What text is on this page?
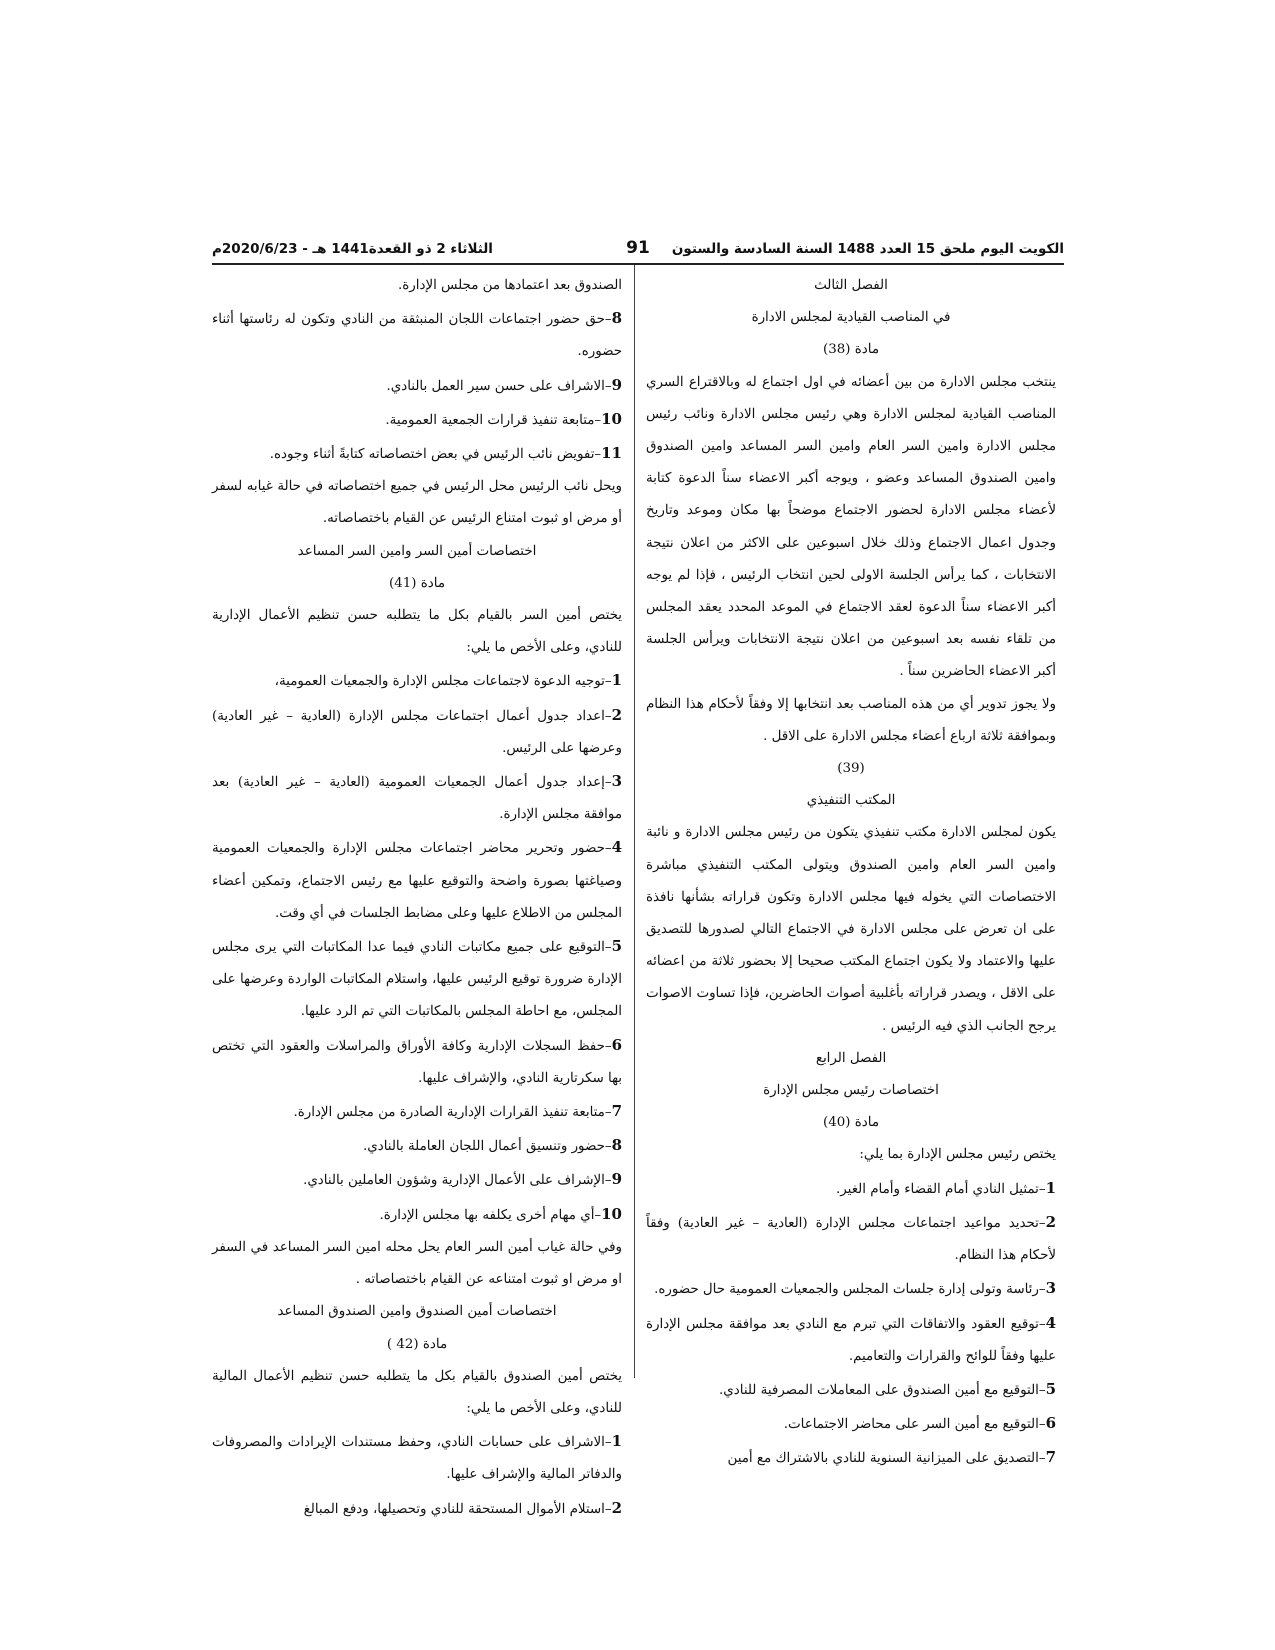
الكويت اليوم ملحق 15 العدد 1488 السنة السادسة والستون
91
الثلاثاء 2 ذو القعدة1441 هـ - 2020/6/23م

الفصل الثالث

في المناصب القيادية لمجلس الادارة

مادة (38)

ينتخب مجلس الادارة من بين أعضائه في اول اجتماع له وبالاقتراع السري المناصب القيادية لمجلس الادارة وهي رئيس مجلس الادارة ونائب رئيس مجلس الادارة وامين السر العام وامين السر المساعد وامين الصندوق وامين الصندوق المساعد وعضو ، ويوجه أكبر الاعضاء سناً الدعوة كتابة لأعضاء مجلس الادارة لحضور الاجتماع موضحاً بها مكان وموعد وتاريخ وجدول اعمال الاجتماع وذلك خلال اسبوعين على الاكثر من اعلان نتيجة الانتخابات ، كما يرأس الجلسة الاولى لحين انتخاب الرئيس ، فإذا لم يوجه أكبر الاعضاء سناً الدعوة لعقد الاجتماع في الموعد المحدد يعقد المجلس من تلقاء نفسه بعد اسبوعين من اعلان نتيجة الانتخابات ويرأس الجلسة أكبر الاعضاء الحاضرين سناً .

ولا يجوز تدوير أي من هذه المناصب بعد انتخابها إلا وفقاً لأحكام هذا النظام وبموافقة ثلاثة ارباع أعضاء مجلس الادارة على الاقل .

(39)

المكتب التنفيذي

يكون لمجلس الادارة مكتب تنفيذي يتكون من رئيس مجلس الادارة و نائبة وامين السر العام وامين الصندوق ويتولى المكتب التنفيذي مباشرة الاختصاصات التي يخوله فيها مجلس الادارة وتكون قراراته بشأنها نافذة على ان تعرض على مجلس الادارة في الاجتماع التالي لصدورها للتصديق عليها والاعتماد ولا يكون اجتماع المكتب صحيحا إلا بحضور ثلاثة من اعضائه على الاقل ، ويصدر قراراته بأغلبية أصوات الحاضرين، فإذا تساوت الاصوات يرجح الجانب الذي فيه الرئيس .

الفصل الرابع

اختصاصات رئيس مجلس الإدارة

مادة (40)

يختص رئيس مجلس الإدارة بما يلي:

1–تمثيل النادي أمام القضاء وأمام الغير.

2–تحديد مواعيد اجتماعات مجلس الإدارة (العادية – غير العادية) وفقاً لأحكام هذا النظام.

3–رئاسة وتولى إدارة جلسات المجلس والجمعيات العمومية حال حضوره.

4–توقيع العقود والاتفاقات التي تبرم مع النادي بعد موافقة مجلس الإدارة عليها وفقاً للوائح والقرارات والتعاميم.

5–التوقيع مع أمين الصندوق على المعاملات المصرفية للنادي.

6–التوقيع مع أمين السر على محاضر الاجتماعات.

7–التصديق على الميزانية السنوية للنادي بالاشتراك مع أمين

الصندوق بعد اعتمادها من مجلس الإدارة.

8–حق حضور اجتماعات اللجان المنبثقة من النادي وتكون له رئاستها أثناء حضوره.

9–الاشراف على حسن سير العمل بالنادي.

10–متابعة تنفيذ قرارات الجمعية العمومية.

11–تفويض نائب الرئيس في بعض اختصاصاته كتابةً أثناء وجوده.

ويحل نائب الرئيس محل الرئيس في جميع اختصاصاته في حالة غيابه لسفر أو مرض او ثبوت امتناع الرئيس عن القيام باختصاصاته.

اختصاصات أمين السر وامين السر المساعد

مادة (41)

يختص أمين السر بالقيام بكل ما يتطلبه حسن تنظيم الأعمال الإدارية للنادي، وعلى الأخص ما يلي:

1–توجيه الدعوة لاجتماعات مجلس الإدارة والجمعيات العمومية،

2–اعداد جدول أعمال اجتماعات مجلس الإدارة (العادية – غير العادية) وعرضها على الرئيس.

3–إعداد جدول أعمال الجمعيات العمومية (العادية – غير العادية) بعد موافقة مجلس الإدارة.

4–حضور وتحرير محاضر اجتماعات مجلس الإدارة والجمعيات العمومية وصياغتها بصورة واضحة والتوقيع عليها مع رئيس الاجتماع، وتمكين أعضاء المجلس من الاطلاع عليها وعلى مضابط الجلسات في أي وقت.

5–التوقيع على جميع مكاتبات النادي فيما عدا المكاتبات التي يرى مجلس الإدارة ضرورة توقيع الرئيس عليها، واستلام المكاتبات الواردة وعرضها على المجلس، مع احاطة المجلس بالمكاتبات التي تم الرد عليها.

6–حفظ السجلات الإدارية وكافة الأوراق والمراسلات والعقود التي تختص بها سكرتارية النادي، والإشراف عليها.

7–متابعة تنفيذ القرارات الإدارية الصادرة من مجلس الإدارة.

8–حضور وتنسيق أعمال اللجان العاملة بالنادي.

9–الإشراف على الأعمال الإدارية وشؤون العاملين بالنادي.

10–أي مهام أخرى يكلفه بها مجلس الإدارة.

وفي حالة غياب أمين السر العام يحل محله امين السر المساعد في السفر او مرض او ثبوت امتناعه عن القيام باختصاصاته .

اختصاصات أمين الصندوق وامين الصندوق المساعد

مادة (42 )

يختص أمين الصندوق بالقيام بكل ما يتطلبه حسن تنظيم الأعمال المالية للنادي، وعلى الأخص ما يلي:

1–الاشراف على حسابات النادي، وحفظ مستندات الإيرادات والمصروفات والدفاتر المالية والإشراف عليها.

2–استلام الأموال المستحقة للنادي وتحصيلها، ودفع المبالغ
